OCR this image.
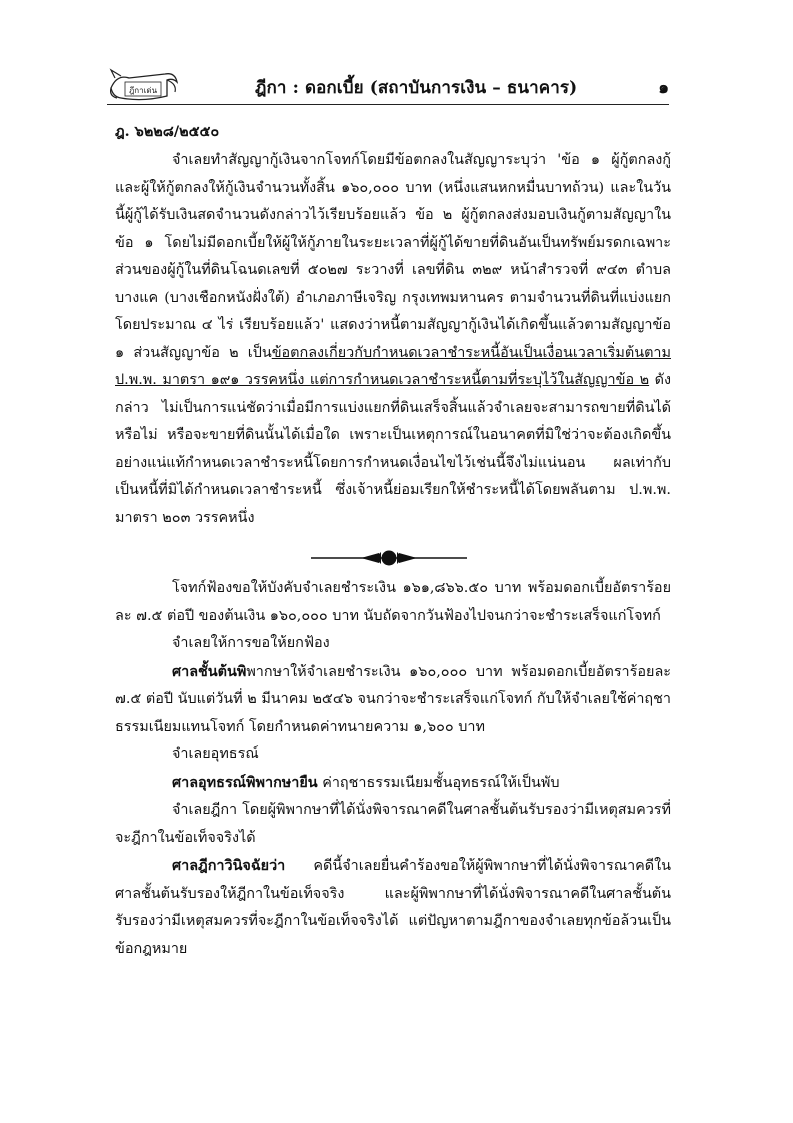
ฎีกาเด่น	ฎีกา : ดอกเบี้ย (สถาบันการเงิน – ธนาคาร)	๑
ฎ. ๖๒๒๘/๒๕๕๐

จำเลยทำสัญญากู้เงินจากโจทก์โดยมีข้อตกลงในสัญญาระบุว่า 'ข้อ ๑ ผู้กู้ตกลงกู้และผู้ให้กู้ตกลงให้กู้เงินจำนวนทั้งสิ้น ๑๖๐,๐๐๐ บาท (หนึ่งแสนหกหมื่นบาทถ้วน) และในวันนี้ผู้กู้ได้รับเงินสดจำนวนดังกล่าวไว้เรียบร้อยแล้ว ข้อ ๒ ผู้กู้ตกลงส่งมอบเงินกู้ตามสัญญาในข้อ ๑ โดยไม่มีดอกเบี้ยให้ผู้ให้กู้ภายในระยะเวลาที่ผู้กู้ได้ขายที่ดินอันเป็นทรัพย์มรดกเฉพาะส่วนของผู้กู้ในที่ดินโฉนดเลขที่ ๕๐๒๗ ระวางที่ เลขที่ดิน ๓๒๙ หน้าสำรวจที่ ๙๔๓ ตำบลบางแค (บางเชือกหนังฝั่งใต้) อำเภอภาษีเจริญ กรุงเทพมหานคร ตามจำนวนที่ดินที่แบ่งแยกโดยประมาณ ๔ ไร่ เรียบร้อยแล้ว' แสดงว่าหนี้ตามสัญญากู้เงินได้เกิดขึ้นแล้วตามสัญญาข้อ ๑ ส่วนสัญญาข้อ ๒ เป็นข้อตกลงเกี่ยวกับกำหนดเวลาชำระหนี้อันเป็นเงื่อนเวลาเริ่มต้นตาม ป.พ.พ. มาตรา ๑๙๑ วรรคหนึ่ง แต่การกำหนดเวลาชำระหนี้ตามที่ระบุไว้ในสัญญาข้อ ๒ ดังกล่าว ไม่เป็นการแน่ชัดว่าเมื่อมีการแบ่งแยกที่ดินเสร็จสิ้นแล้วจำเลยจะสามารถขายที่ดินได้หรือไม่ หรือจะขายที่ดินนั้นได้เมื่อใด เพราะเป็นเหตุการณ์ในอนาคตที่มิใช่ว่าจะต้องเกิดขึ้นอย่างแน่แท้กำหนดเวลาชำระหนี้โดยการกำหนดเงื่อนไขไว้เช่นนี้จึงไม่แน่นอน ผลเท่ากับเป็นหนี้ที่มิได้กำหนดเวลาชำระหนี้ ซึ่งเจ้าหนี้ย่อมเรียกให้ชำระหนี้ได้โดยพลันตาม ป.พ.พ. มาตรา ๒๐๓ วรรคหนึ่ง

โจทก์ฟ้องขอให้บังคับจำเลยชำระเงิน ๑๖๑,๘๖๖.๕๐ บาท พร้อมดอกเบี้ยอัตราร้อยละ ๗.๕ ต่อปี ของต้นเงิน ๑๖๐,๐๐๐ บาท นับถัดจากวันฟ้องไปจนกว่าจะชำระเสร็จแก่โจทก์

จำเลยให้การขอให้ยกฟ้อง

ศาลชั้นต้นพิพากษาให้จำเลยชำระเงิน ๑๖๐,๐๐๐ บาท พร้อมดอกเบี้ยอัตราร้อยละ ๗.๕ ต่อปี นับแต่วันที่ ๒ มีนาคม ๒๕๔๖ จนกว่าจะชำระเสร็จแก่โจทก์ กับให้จำเลยใช้ค่าฤชาธรรมเนียมแทนโจทก์ โดยกำหนดค่าทนายความ ๑,๖๐๐ บาท

จำเลยอุทธรณ์

ศาลอุทธรณ์พิพากษายืน ค่าฤชาธรรมเนียมชั้นอุทธรณ์ให้เป็นพับ

จำเลยฎีกา โดยผู้พิพากษาที่ได้นั่งพิจารณาคดีในศาลชั้นต้นรับรองว่ามีเหตุสมควรที่จะฎีกาในข้อเท็จจริงได้

ศาลฎีกาวินิจฉัยว่า คดีนี้จำเลยยื่นคำร้องขอให้ผู้พิพากษาที่ได้นั่งพิจารณาคดีในศาลชั้นต้นรับรองให้ฎีกาในข้อเท็จจริง และผู้พิพากษาที่ได้นั่งพิจารณาคดีในศาลชั้นต้นรับรองว่ามีเหตุสมควรที่จะฎีกาในข้อเท็จจริงได้ แต่ปัญหาตามฎีกาของจำเลยทุกข้อล้วนเป็นข้อกฎหมาย
